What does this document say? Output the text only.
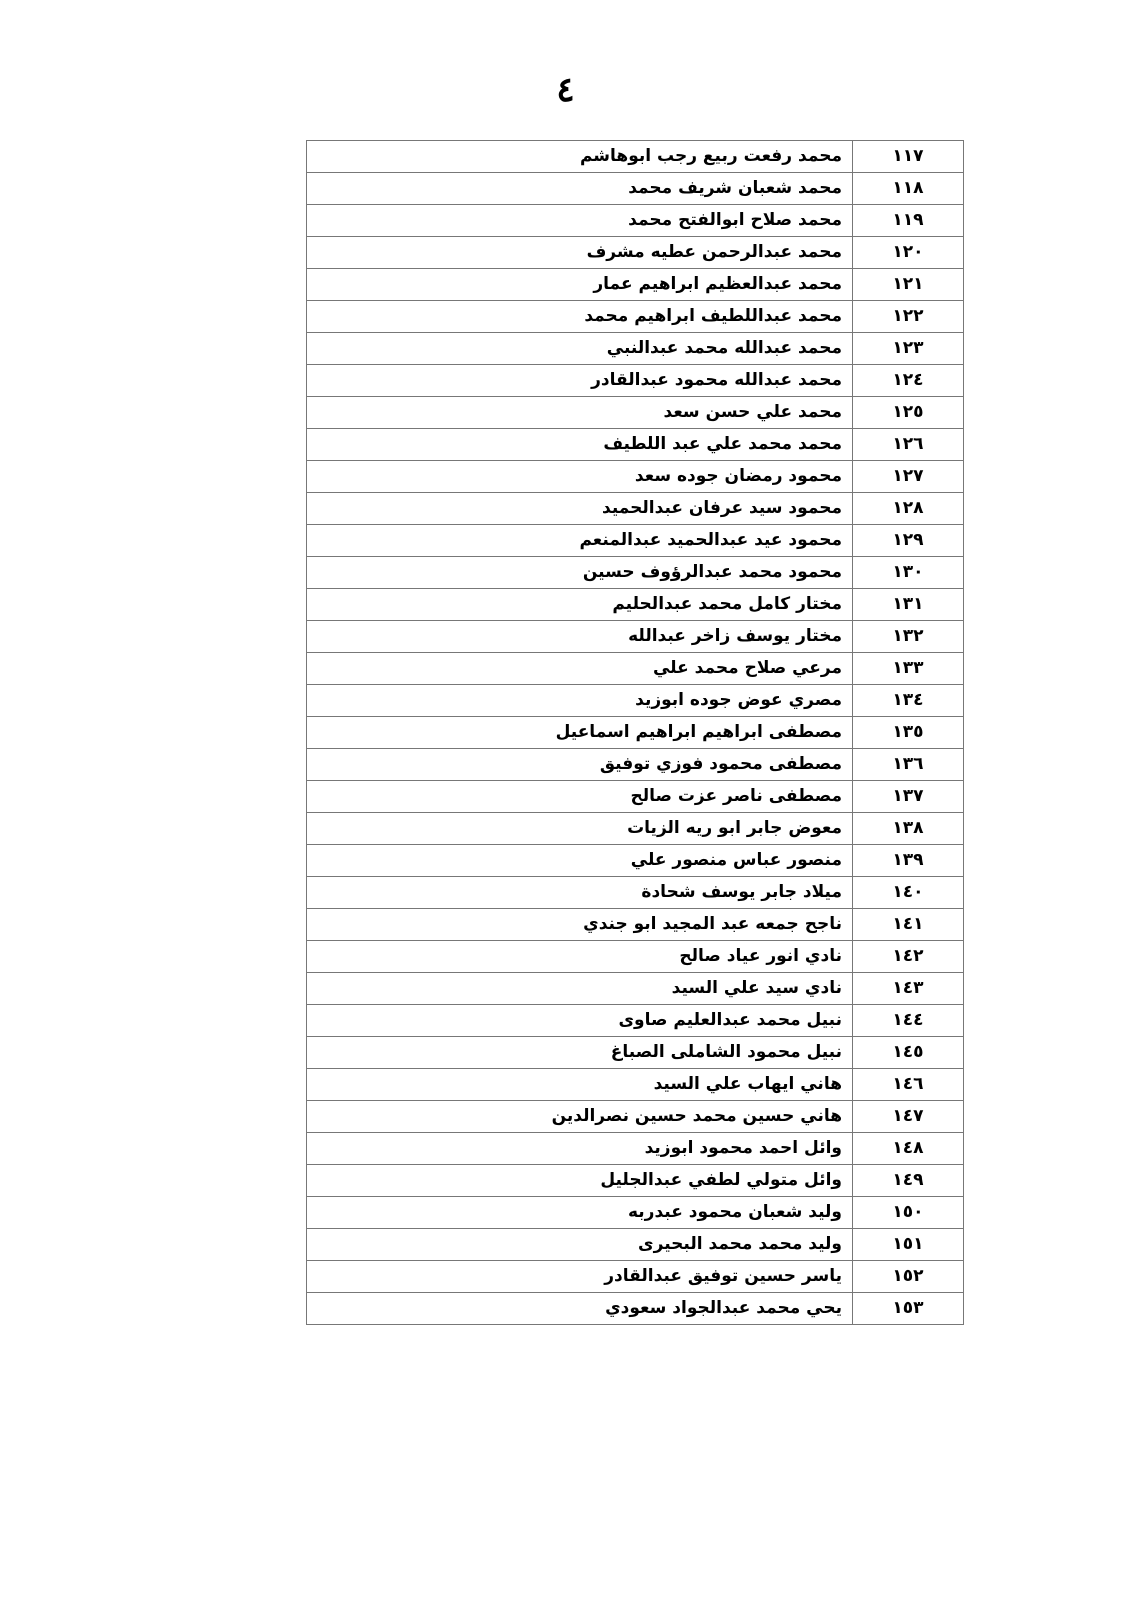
٤
١١٧	محمد رفعت ربيع رجب ابوهاشم
١١٨	محمد شعبان شريف محمد
١١٩	محمد صلاح ابوالفتح محمد
١٢٠	محمد عبدالرحمن عطيه مشرف
١٢١	محمد عبدالعظيم ابراهيم عمار
١٢٢	محمد عبداللطيف ابراهيم محمد
١٢٣	محمد عبدالله محمد عبدالنبي
١٢٤	محمد عبدالله محمود عبدالقادر
١٢٥	محمد علي حسن سعد
١٢٦	محمد محمد علي عبد اللطيف
١٢٧	محمود رمضان جوده سعد
١٢٨	محمود سيد عرفان عبدالحميد
١٢٩	محمود عيد عبدالحميد عبدالمنعم
١٣٠	محمود محمد عبدالرؤوف حسين
١٣١	مختار كامل محمد عبدالحليم
١٣٢	مختار يوسف زاخر عبدالله
١٣٣	مرعي صلاح محمد علي
١٣٤	مصري عوض جوده ابوزيد
١٣٥	مصطفى ابراهيم ابراهيم اسماعيل
١٣٦	مصطفى محمود فوزي توفيق
١٣٧	مصطفى ناصر عزت صالح
١٣٨	معوض جابر ابو ريه الزيات
١٣٩	منصور عباس منصور علي
١٤٠	ميلاد جابر يوسف شحادة
١٤١	ناجح جمعه عبد المجيد ابو جندي
١٤٢	نادي انور عياد صالح
١٤٣	نادي سيد علي السيد
١٤٤	نبيل محمد عبدالعليم صاوى
١٤٥	نبيل محمود الشاملى الصباغ
١٤٦	هاني ايهاب علي السيد
١٤٧	هاني حسين محمد حسين نصرالدين
١٤٨	وائل احمد محمود ابوزيد
١٤٩	وائل متولي لطفي عبدالجليل
١٥٠	وليد شعبان محمود عبدربه
١٥١	وليد محمد محمد البحيرى
١٥٢	ياسر حسين توفيق عبدالقادر
١٥٣	يحي محمد عبدالجواد سعودي
